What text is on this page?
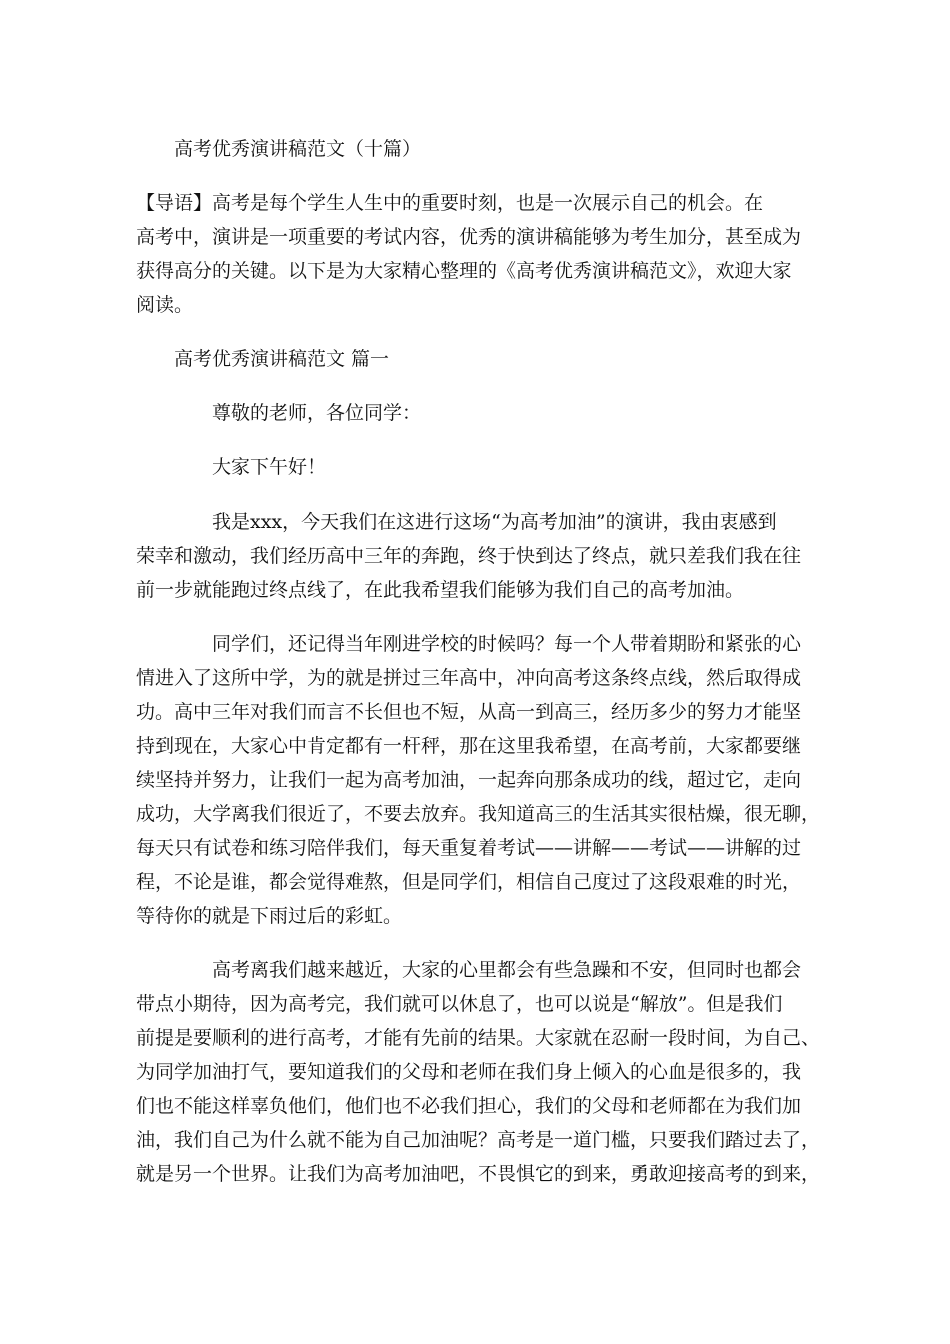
高考优秀演讲稿范文（十篇）
【导语】高考是每个学生人生中的重要时刻，也是一次展示自己的机会。在
高考中，演讲是一项重要的考试内容，优秀的演讲稿能够为考生加分，甚至成为
获得高分的关键。以下是为大家精心整理的《高考优秀演讲稿范文》，欢迎大家
阅读。
高考优秀演讲稿范文 篇一
尊敬的老师，各位同学：
大家下午好！
我是xxx，今天我们在这进行这场“为高考加油”的演讲，我由衷感到
荣幸和激动，我们经历高中三年的奔跑，终于快到达了终点，就只差我们我在往
前一步就能跑过终点线了，在此我希望我们能够为我们自己的高考加油。
同学们，还记得当年刚进学校的时候吗？每一个人带着期盼和紧张的心
情进入了这所中学，为的就是拼过三年高中，冲向高考这条终点线，然后取得成
功。高中三年对我们而言不长但也不短，从高一到高三，经历多少的努力才能坚
持到现在，大家心中肯定都有一杆秤，那在这里我希望，在高考前，大家都要继
续坚持并努力，让我们一起为高考加油，一起奔向那条成功的线，超过它，走向
成功，大学离我们很近了，不要去放弃。我知道高三的生活其实很枯燥，很无聊，
每天只有试卷和练习陪伴我们，每天重复着考试——讲解——考试——讲解的过
程，不论是谁，都会觉得难熬，但是同学们，相信自己度过了这段艰难的时光，
等待你的就是下雨过后的彩虹。
高考离我们越来越近，大家的心里都会有些急躁和不安，但同时也都会
带点小期待，因为高考完，我们就可以休息了，也可以说是“解放”。但是我们
前提是要顺利的进行高考，才能有先前的结果。大家就在忍耐一段时间，为自己、
为同学加油打气，要知道我们的父母和老师在我们身上倾入的心血是很多的，我
们也不能这样辜负他们，他们也不必我们担心，我们的父母和老师都在为我们加
油，我们自己为什么就不能为自己加油呢？高考是一道门槛，只要我们踏过去了，
就是另一个世界。让我们为高考加油吧，不畏惧它的到来，勇敢迎接高考的到来，
